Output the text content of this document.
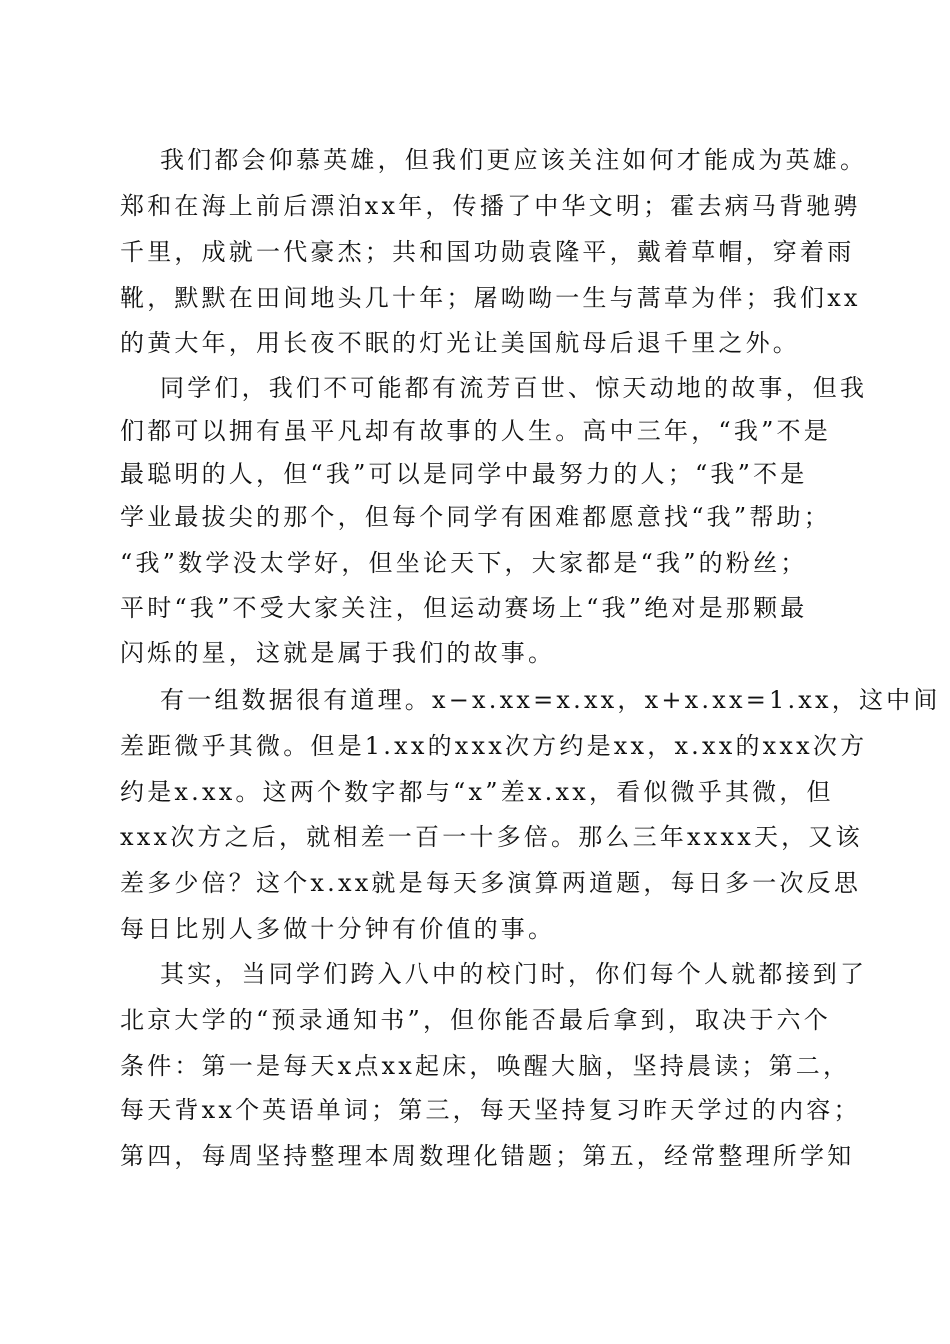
我们都会仰慕英雄，但我们更应该关注如何才能成为英雄。
郑和在海上前后漂泊xx年，传播了中华文明；霍去病马背驰骋
千里，成就一代豪杰；共和国功勋袁隆平，戴着草帽，穿着雨
靴，默默在田间地头几十年；屠呦呦一生与蒿草为伴；我们xx
的黄大年，用长夜不眠的灯光让美国航母后退千里之外。
同学们，我们不可能都有流芳百世、惊天动地的故事，但我
们都可以拥有虽平凡却有故事的人生。高中三年，“我”不是
最聪明的人，但“我”可以是同学中最努力的人；“我”不是
学业最拔尖的那个，但每个同学有困难都愿意找“我”帮助；
“我”数学没太学好，但坐论天下，大家都是“我”的粉丝；
平时“我”不受大家关注，但运动赛场上“我”绝对是那颗最
闪烁的星，这就是属于我们的故事。
有一组数据很有道理。x−x.xx=x.xx，x+x.xx=1.xx，这中间
差距微乎其微。但是1.xx的xxx次方约是xx，x.xx的xxx次方
约是x.xx。这两个数字都与“x”差x.xx，看似微乎其微，但
xxx次方之后，就相差一百一十多倍。那么三年xxxx天，又该
差多少倍？这个x.xx就是每天多演算两道题，每日多一次反思
每日比别人多做十分钟有价值的事。
其实，当同学们跨入八中的校门时，你们每个人就都接到了
北京大学的“预录通知书”，但你能否最后拿到，取决于六个
条件：第一是每天x点xx起床，唤醒大脑，坚持晨读；第二，
每天背xx个英语单词；第三，每天坚持复习昨天学过的内容；
第四，每周坚持整理本周数理化错题；第五，经常整理所学知
